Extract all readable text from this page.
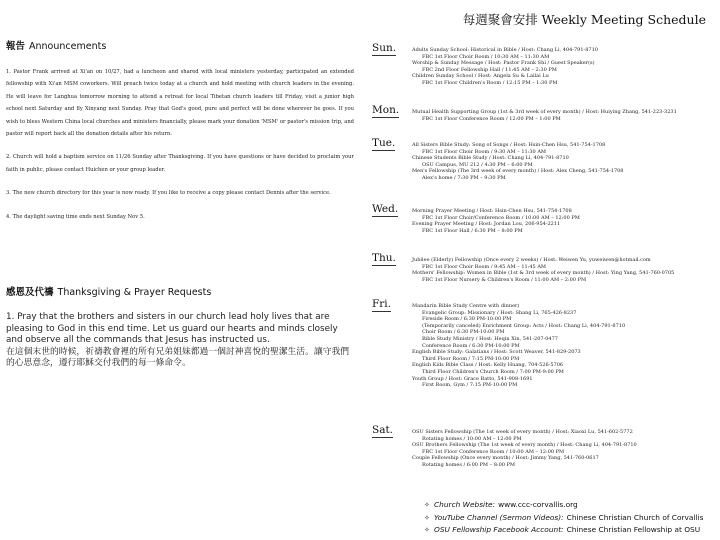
每週聚會安排 Weekly Meeting Schedule
報告 Announcements
1. Pastor Frank arrived at Xi'an on 10/27, had a luncheon and shared with local ministers yesterday, participated an extended fellowship with Xi'an MSM coworkers. Will preach twice today at a church and hold meeting with church leaders in the evening. He will leave for Langhua tomorrow morning to attend a retreat for local Tibetan church leaders till Friday, visit a junior high school next Saturday and fly Xinyang next Sunday. Pray that God's good, pure and perfect will be done wherever he goes. If you wish to bless Western China local churches and ministers financially, please mark your donation 'MSM' or pastor's mission trip, and pastor will report back all the donation details after his return.
2. Church will hold a baptism service on 11/26 Sunday after Thanksgiving. If you have questions or have decided to proclaim your faith in public, please contact Huichen or your group leader.
3. The new church directory for this year is now ready. If you like to receive a copy please contact Dennis after the service.
4. The daylight saving time ends next Sunday Nov 5.
感恩及代禱 Thanksgiving & Prayer Requests
1. Pray that the brothers and sisters in our church lead holy lives that are pleasing to God in this end time. Let us guard our hearts and minds closely and observe all the commands that Jesus has instructed us.
在這個末世的時候，祈禱教會裡的所有兄弟姐妹都過一個討神喜悅的聖潔生活。讓守我們的心思意念，遵行耶穌交付我們的每一條命令。
Sun.	Adults Sunday School: Historical in Bible / Host: Chang Li, 404-791-8710
FBC 1st Floor Choir Room / 10:30 AM – 11:30 AM
Worship & Sunday Message / Host: Pastor Frank Shi / Guest Speaker(s)
FBC 2nd Floor Fellowship Hall / 11:45 AM – 2:30 PM
Children Sunday School / Host: Angela Su & Lailai Lu
FBC 1st Floor Children's Room / 12:15 PM – 1:30 PM
Mon.	Mutual Health Supporting Group (1st & 3rd week of every month) / Host: Huiying Zhang, 541-223-3231
FBC 1st Floor Conference Room / 12:00 PM – 1:00 PM
Tue.	All Sisters Bible Study: Song of Songs / Host: Hsin-Chen Hsu, 541-754-1708
FBC 1st Floor Choir Room / 9:30 AM – 11:30 AM
Chinese Students Bible Study / Host: Chang Li, 404-791-8710
OSU Campus, MU 212 / 4:30 PM – 6:00 PM
Men's Fellowship (The 3rd week of every month) / Host: Alex Cheng, 541-754-1708
Alex's home / 7:30 PM – 9:30 PM
Wed.	Morning Prayer Meeting / Host: Hsin-Chen Hsu, 541-754-1708
FBC 1st Floor Choir/Conference Room / 10:00 AM – 12:00 PM
Evening Prayer Meeting / Host: Jordan Lou, 206-954-2211
FBC 1st Floor Hall / 6:30 PM – 8:00 PM
Thu.	Jubilee (Elderly) Fellowship (Once every 2 weeks) / Host: Weiwen Yu, yuweiwen@hotmail.com
FBC 1st Floor Choir Room / 9:45 AM – 11:45 AM
Mothers' Fellowship: Women in Bible (1st & 3rd week of every month) / Host: Ying Yang, 541-760-0705
FBC 1st Floor Nursery & Children's Room / 11:00 AM – 2:00 PM
Fri.	Mandarin Bible Study Centre with dinner)
Evangelic Group: Missionary / Host: Shang Li, 765-426-8237
Fireside Room / 6:30 PM-10:00 PM
(Temporarily canceled) Enrichment Group: Acts / Host: Chang Li, 404-791-8710
Choir Room / 6:30 PM-10:00 PM
Bible Study Ministry / Host: Heqin Xin, 541-207-0477
Conference Room / 6:30 PM-10:00 PM
English Bible Study: Galatians / Host: Scott Weaver, 541-829-2073
Third Floor Room / 7:15 PM-10:00 PM
English Kids Bible Class / Host: Kelly Huang, 704-526-5706
Third Floor Children's Church Room / 7:00 PM-9:00 PM
Youth Group / Host: Grace Batto, 541-908-1691
First Room, Gym / 7:15 PM-10:00 PM
Sat.	OSU Sisters Fellowship (The 1st week of every month) / Host: Xiaoxi Lu, 541-602-5772
Rotating homes / 10:00 AM – 12:00 PM
OSU Brothers Fellowship (The 1st week of every month) / Host: Chang Li, 404-791-8710
FBC 1st Floor Conference Room / 10:00 AM – 12:00 PM
Couple Fellowship (Once every month) / Host: Jimmy Yang, 541-760-0617
Rotating homes / 6:00 PM – 8:00 PM
✧ Church Website: www.ccc-corvallis.org
✧ YouTube Channel (Sermon Videos): Chinese Christian Church of Corvallis
✧ OSU Fellowship Facebook Account: Chinese Christian Fellowship at OSU
